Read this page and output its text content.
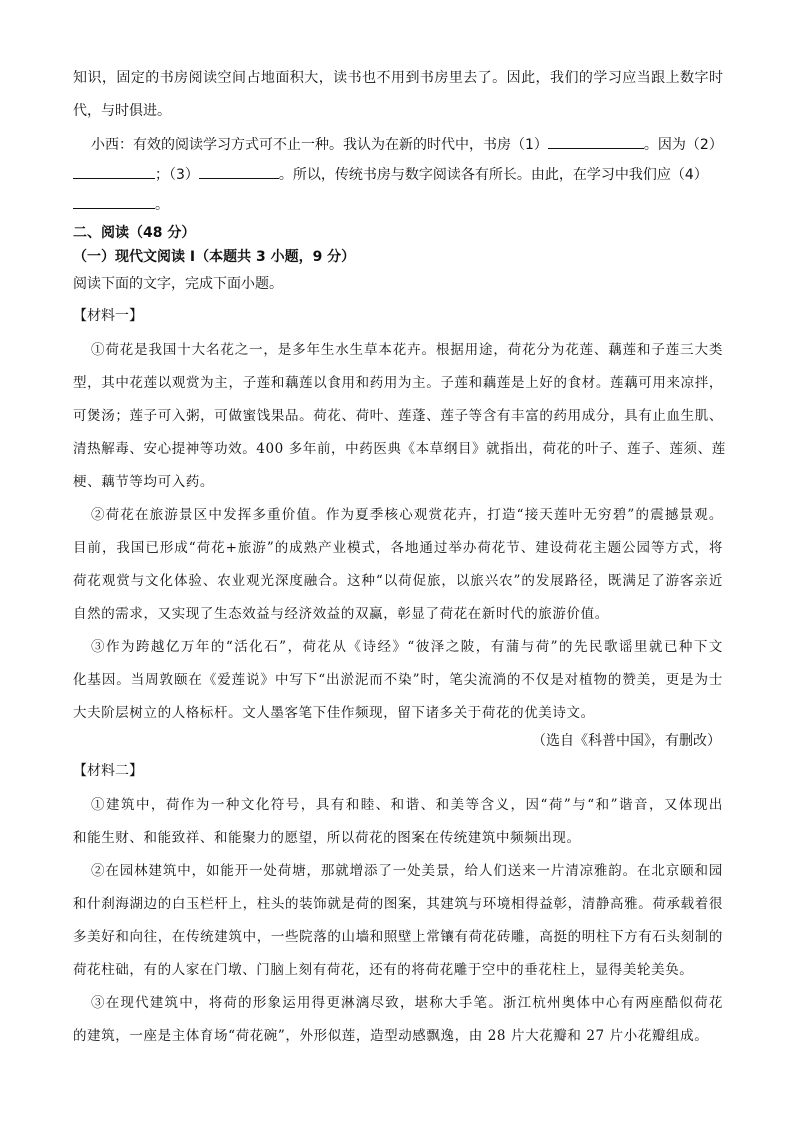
知识，固定的书房阅读空间占地面积大，读书也不用到书房里去了。因此，我们的学习应当跟上数字时
代，与时俱进。
小西：有效的阅读学习方式可不止一种。我认为在新的时代中，书房（1）	。因为（2）
；（3）	。所以，传统书房与数字阅读各有所长。由此，在学习中我们应（4）
。
二、阅读（48 分）
（一）现代文阅读 I（本题共 3 小题，9 分）
阅读下面的文字，完成下面小题。
【材料一】
①荷花是我国十大名花之一，是多年生水生草本花卉。根据用途，荷花分为花莲、藕莲和子莲三大类
型，其中花莲以观赏为主，子莲和藕莲以食用和药用为主。子莲和藕莲是上好的食材。莲藕可用来凉拌，
可煲汤；莲子可入粥，可做蜜饯果品。荷花、荷叶、莲蓬、莲子等含有丰富的药用成分，具有止血生肌、
清热解毒、安心提神等功效。400 多年前，中药医典《本草纲目》就指出，荷花的叶子、莲子、莲须、莲
梗、藕节等均可入药。
②荷花在旅游景区中发挥多重价值。作为夏季核心观赏花卉，打造“接天莲叶无穷碧”的震撼景观。
目前，我国已形成“荷花+旅游”的成熟产业模式，各地通过举办荷花节、建设荷花主题公园等方式，将
荷花观赏与文化体验、农业观光深度融合。这种“以荷促旅，以旅兴农”的发展路径，既满足了游客亲近
自然的需求，又实现了生态效益与经济效益的双赢，彰显了荷花在新时代的旅游价值。
③作为跨越亿万年的“活化石”，荷花从《诗经》“彼泽之陂，有蒲与荷”的先民歌谣里就已种下文
化基因。当周敦颐在《爱莲说》中写下“出淤泥而不染”时，笔尖流淌的不仅是对植物的赞美，更是为士
大夫阶层树立的人格标杆。文人墨客笔下佳作频现，留下诸多关于荷花的优美诗文。
（选自《科普中国》，有删改）
【材料二】
①建筑中，荷作为一种文化符号，具有和睦、和谐、和美等含义，因“荷”与“和”谐音，又体现出
和能生财、和能致祥、和能聚力的愿望，所以荷花的图案在传统建筑中频频出现。
②在园林建筑中，如能开一处荷塘，那就增添了一处美景，给人们送来一片清凉雅韵。在北京颐和园
和什刹海湖边的白玉栏杆上，柱头的装饰就是荷的图案，其建筑与环境相得益彰，清静高雅。荷承载着很
多美好和向往，在传统建筑中，一些院落的山墙和照壁上常镶有荷花砖雕，高挺的明柱下方有石头刻制的
荷花柱础，有的人家在门墩、门脑上刻有荷花，还有的将荷花雕于空中的垂花柱上，显得美轮美奂。
③在现代建筑中，将荷的形象运用得更淋漓尽致，堪称大手笔。浙江杭州奥体中心有两座酷似荷花
的建筑，一座是主体育场“荷花碗”，外形似莲，造型动感飘逸，由 28 片大花瓣和 27 片小花瓣组成。
